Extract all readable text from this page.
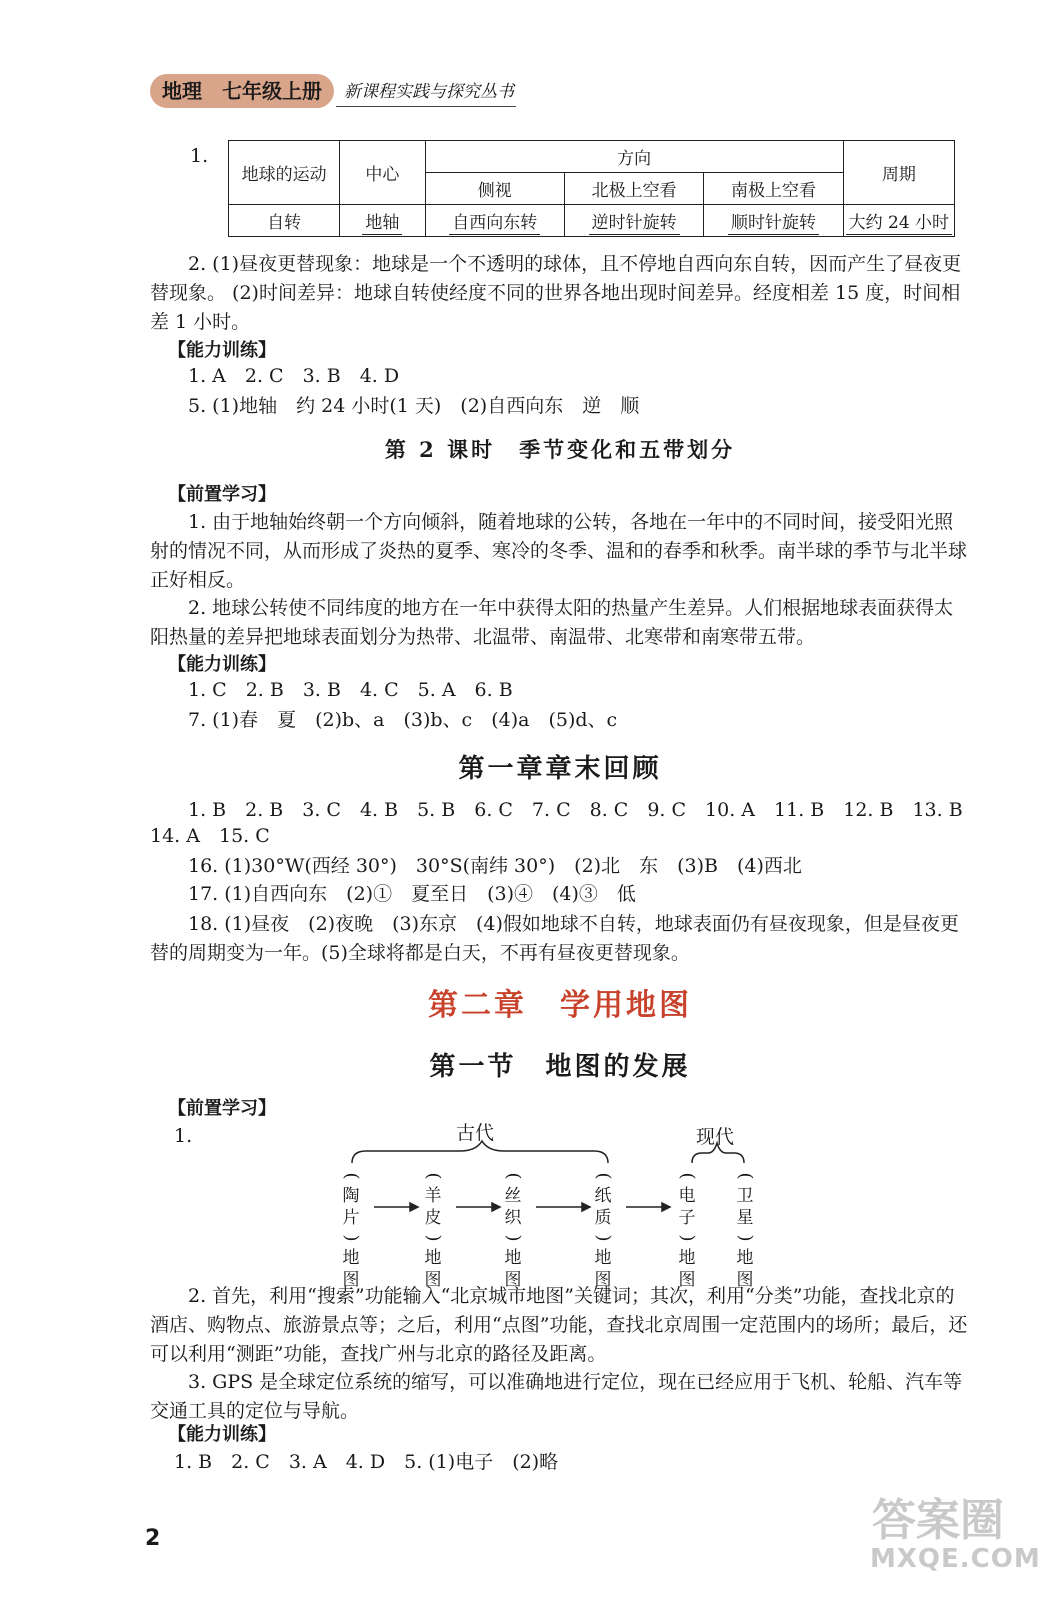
地理　七年级上册	新课程实践与探究丛书
1.
地球的运动	中心	方向			周期
		侧视	北极上空看	南极上空看	
自转	地轴	自西向东转	逆时针旋转	顺时针旋转	大约 24 小时
2. (1)昼夜更替现象：地球是一个不透明的球体，且不停地自西向东自转，因而产生了昼夜更替现象。 (2)时间差异：地球自转使经度不同的世界各地出现时间差异。经度相差 15 度，时间相差 1 小时。
【能力训练】
1. A　2. C　3. B　4. D
5. (1)地轴　约 24 小时(1 天)　(2)自西向东　逆　顺
第 2 课时　季节变化和五带划分
【前置学习】
1. 由于地轴始终朝一个方向倾斜，随着地球的公转，各地在一年中的不同时间，接受阳光照射的情况不同，从而形成了炎热的夏季、寒冷的冬季、温和的春季和秋季。南半球的季节与北半球正好相反。
2. 地球公转使不同纬度的地方在一年中获得太阳的热量产生差异。人们根据地球表面获得太阳热量的差异把地球表面划分为热带、北温带、南温带、北寒带和南寒带五带。
【能力训练】
1. C　2. B　3. B　4. C　5. A　6. B
7. (1)春　夏　(2)b、a　(3)b、c　(4)a　(5)d、c
第一章章末回顾
1. B　2. B　3. C　4. B　5. B　6. C　7. C　8. C　9. C　10. A　11. B　12. B　13. B
14. A　15. C
16. (1)30°W(西经 30°)　30°S(南纬 30°)　(2)北　东　(3)B　(4)西北
17. (1)自西向东　(2)①　夏至日　(3)④　(4)③　低
18. (1)昼夜　(2)夜晚　(3)东京　(4)假如地球不自转，地球表面仍有昼夜现象，但是昼夜更替的周期变为一年。(5)全球将都是白天，不再有昼夜更替现象。
第二章　学用地图
第一节　地图的发展
【前置学习】
1.	古代	现代
(
陶
片
)
地
图
(
羊
皮
)
地
图
(
丝
织
)
地
图
(
纸
质
)
地
图
(
电
子
)
地
图
(
卫
星
)
地
图
2. 首先，利用“搜索”功能输入“北京城市地图”关键词；其次，利用“分类”功能，查找北京的酒店、购物点、旅游景点等；之后，利用“点图”功能，查找北京周围一定范围内的场所；最后，还可以利用“测距”功能，查找广州与北京的路径及距离。
3. GPS 是全球定位系统的缩写，可以准确地进行定位，现在已经应用于飞机、轮船、汽车等交通工具的定位与导航。
【能力训练】
1. B　2. C　3. A　4. D　5. (1)电子　(2)略
2	答案圈
MXQE.COM
